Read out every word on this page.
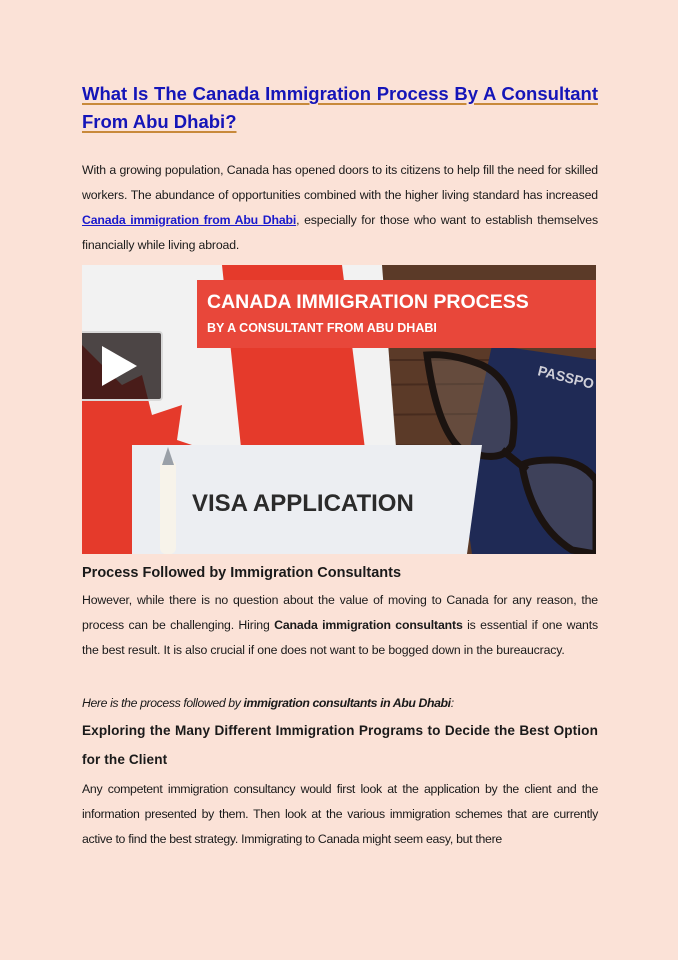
What Is The Canada Immigration Process By A Consultant From Abu Dhabi?

With a growing population, Canada has opened doors to its citizens to help fill the need for skilled workers. The abundance of opportunities combined with the higher living standard has increased Canada immigration from Abu Dhabi, especially for those who want to establish themselves financially while living abroad.

PASSPO
VISA APPLICATION
CANADA IMMIGRATION PROCESS
BY A CONSULTANT FROM ABU DHABI
Process Followed by Immigration Consultants

However, while there is no question about the value of moving to Canada for any reason, the process can be challenging. Hiring Canada immigration consultants is essential if one wants the best result. It is also crucial if one does not want to be bogged down in the bureaucracy.

Here is the process followed by immigration consultants in Abu Dhabi:

Exploring the Many Different Immigration Programs to Decide the Best Option for the Client

Any competent immigration consultancy would first look at the application by the client and the information presented by them. Then look at the various immigration schemes that are currently active to find the best strategy. Immigrating to Canada might seem easy, but there
